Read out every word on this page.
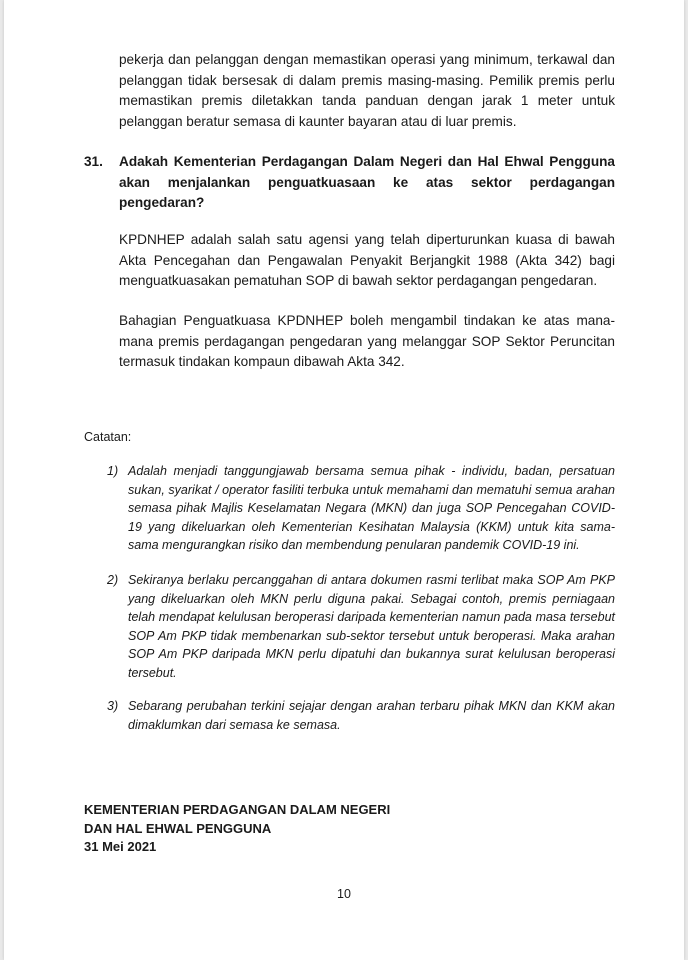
pekerja dan pelanggan dengan memastikan operasi yang minimum, terkawal dan pelanggan tidak bersesak di dalam premis masing-masing. Pemilik premis perlu memastikan premis diletakkan tanda panduan dengan jarak 1 meter untuk pelanggan beratur semasa di kaunter bayaran atau di luar premis.
31. Adakah Kementerian Perdagangan Dalam Negeri dan Hal Ehwal Pengguna akan menjalankan penguatkuasaan ke atas sektor perdagangan pengedaran?
KPDNHEP adalah salah satu agensi yang telah diperturunkan kuasa di bawah Akta Pencegahan dan Pengawalan Penyakit Berjangkit 1988 (Akta 342) bagi menguatkuasakan pematuhan SOP di bawah sektor perdagangan pengedaran.
Bahagian Penguatkuasa KPDNHEP boleh mengambil tindakan ke atas mana-mana premis perdagangan pengedaran yang melanggar SOP Sektor Peruncitan termasuk tindakan kompaun dibawah Akta 342.
Catatan:
1) Adalah menjadi tanggungjawab bersama semua pihak - individu, badan, persatuan sukan, syarikat / operator fasiliti terbuka untuk memahami dan mematuhi semua arahan semasa pihak Majlis Keselamatan Negara (MKN) dan juga SOP Pencegahan COVID-19 yang dikeluarkan oleh Kementerian Kesihatan Malaysia (KKM) untuk kita sama-sama mengurangkan risiko dan membendung penularan pandemik COVID-19 ini.
2) Sekiranya berlaku percanggahan di antara dokumen rasmi terlibat maka SOP Am PKP yang dikeluarkan oleh MKN perlu diguna pakai. Sebagai contoh, premis perniagaan telah mendapat kelulusan beroperasi daripada kementerian namun pada masa tersebut SOP Am PKP tidak membenarkan sub-sektor tersebut untuk beroperasi. Maka arahan SOP Am PKP daripada MKN perlu dipatuhi dan bukannya surat kelulusan beroperasi tersebut.
3) Sebarang perubahan terkini sejajar dengan arahan terbaru pihak MKN dan KKM akan dimaklumkan dari semasa ke semasa.
KEMENTERIAN PERDAGANGAN DALAM NEGERI
DAN HAL EHWAL PENGGUNA
31 Mei 2021
10
